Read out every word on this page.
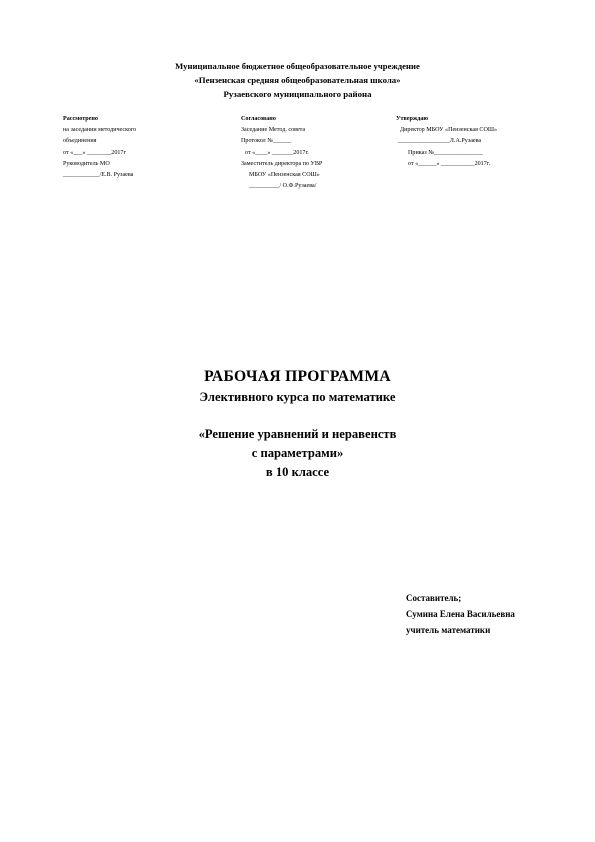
Муниципальное бюджетное общеобразовательное учреждение
«Пензенская средняя общеобразовательная школа»
Рузаевского муниципального района
Рассмотрено
на заседании методического
объединения
от «___» ________2017г
Руководитель МО
____________/Е.В. Рузаева
Согласовано
Заседание Метод. совета
Протокол №______
от «____» _______2017г.
Заместитель директора по УВР
МБОУ «Пензенская СОШ»
__________/ О.Ф.Рузаева/
Утверждаю
Директор МБОУ «Пензенская СОШ»
_________________Л.А.Рузаева
Приказ №________________
от «______» ___________2017г.
РАБОЧАЯ ПРОГРАММА
Элективного курса по математике
«Решение уравнений и неравенств
с параметрами»
в 10 классе
Составитель;
Сумина Елена Васильевна
учитель математики
